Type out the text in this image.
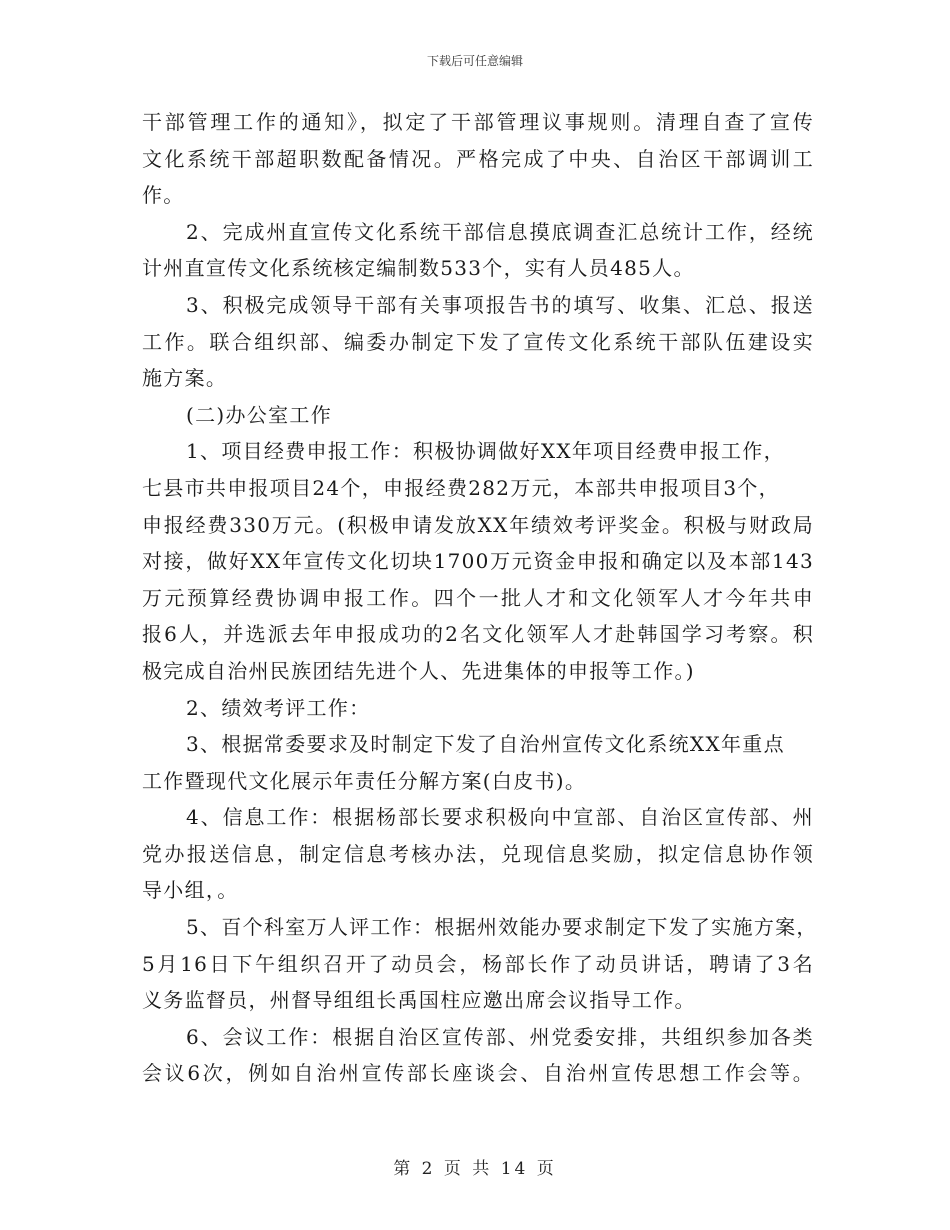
下载后可任意编辑
干部管理工作的通知》，拟定了干部管理议事规则。清理自查了宣传
文化系统干部超职数配备情况。严格完成了中央、自治区干部调训工
作。
2、完成州直宣传文化系统干部信息摸底调查汇总统计工作，经统
计州直宣传文化系统核定编制数533个，实有人员485人。
3、积极完成领导干部有关事项报告书的填写、收集、汇总、报送
工作。联合组织部、编委办制定下发了宣传文化系统干部队伍建设实
施方案。
(二)办公室工作
1、项目经费申报工作：积极协调做好XX年项目经费申报工作，
七县市共申报项目24个，申报经费282万元，本部共申报项目3个，
申报经费330万元。(积极申请发放XX年绩效考评奖金。积极与财政局
对接，做好XX年宣传文化切块1700万元资金申报和确定以及本部143
万元预算经费协调申报工作。四个一批人才和文化领军人才今年共申
报6人，并选派去年申报成功的2名文化领军人才赴韩国学习考察。积
极完成自治州民族团结先进个人、先进集体的申报等工作。)
2、绩效考评工作：
3、根据常委要求及时制定下发了自治州宣传文化系统XX年重点
工作暨现代文化展示年责任分解方案(白皮书)。
4、信息工作：根据杨部长要求积极向中宣部、自治区宣传部、州
党办报送信息，制定信息考核办法，兑现信息奖励，拟定信息协作领
导小组，。
5、百个科室万人评工作：根据州效能办要求制定下发了实施方案，
5月16日下午组织召开了动员会，杨部长作了动员讲话，聘请了3名
义务监督员，州督导组组长禹国柱应邀出席会议指导工作。
6、会议工作：根据自治区宣传部、州党委安排，共组织参加各类
会议6次，例如自治州宣传部长座谈会、自治州宣传思想工作会等。
第 2 页 共 14 页
